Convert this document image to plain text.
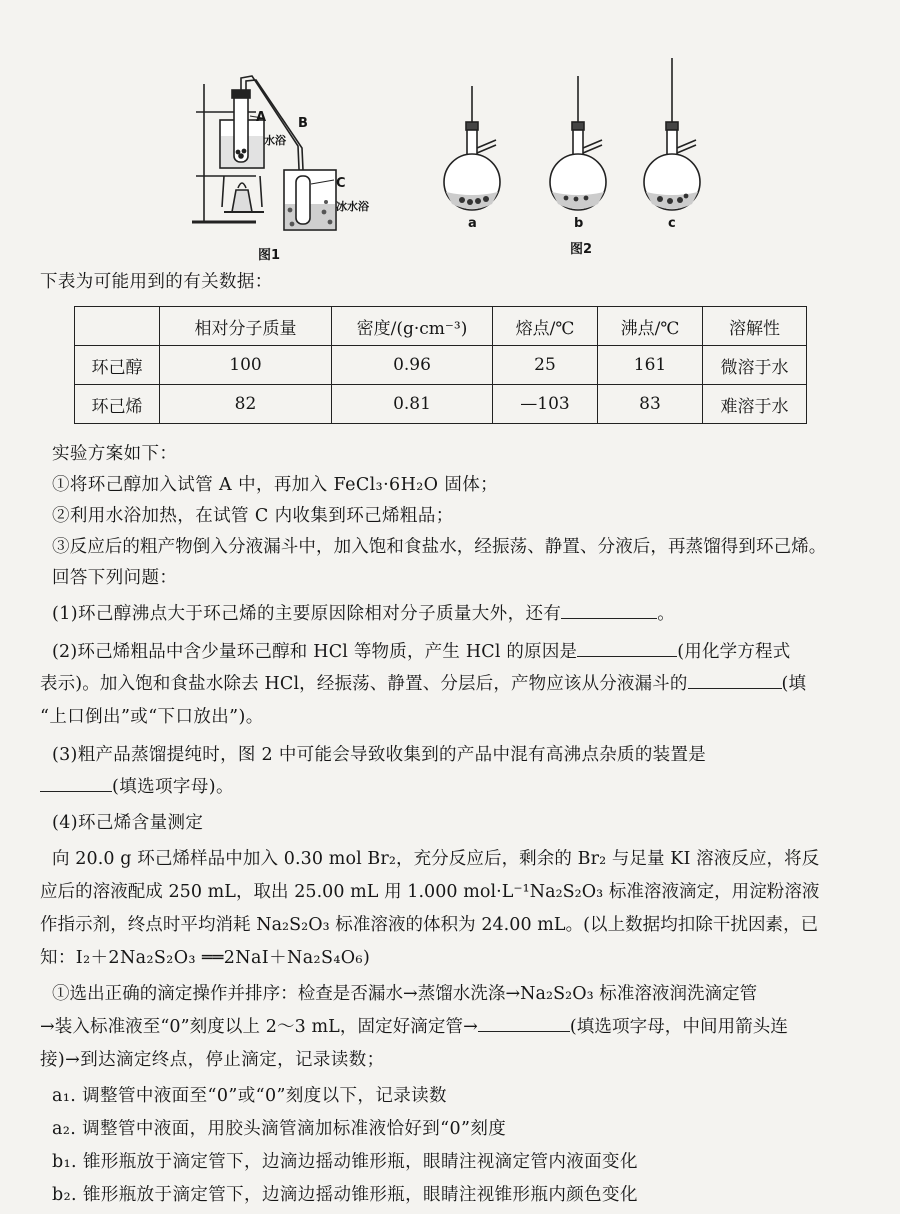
A B
水浴
C
冰水浴
图1
a	b	c
图2
下表为可能用到的有关数据：
	相对分子质量	密度/(g·cm⁻³)	熔点/℃	沸点/℃	溶解性
环己醇	100	0.96	25	161	微溶于水
环己烯	82	0.81	—103	83	难溶于水
实验方案如下：
①将环己醇加入试管 A 中，再加入 FeCl₃·6H₂O 固体；
②利用水浴加热，在试管 C 内收集到环己烯粗品；
③反应后的粗产物倒入分液漏斗中，加入饱和食盐水，经振荡、静置、分液后，再蒸馏得到环己烯。
回答下列问题：
(1)环己醇沸点大于环己烯的主要原因除相对分子质量大外，还有	。
(2)环己烯粗品中含少量环己醇和 HCl 等物质，产生 HCl 的原因是	(用化学方程式
表示)。加入饱和食盐水除去 HCl，经振荡、静置、分层后，产物应该从分液漏斗的	(填
“上口倒出”或“下口放出”)。
(3)粗产品蒸馏提纯时，图 2 中可能会导致收集到的产品中混有高沸点杂质的装置是
(填选项字母)。
(4)环己烯含量测定
向 20.0 g 环己烯样品中加入 0.30 mol Br₂，充分反应后，剩余的 Br₂ 与足量 KI 溶液反应，将反
应后的溶液配成 250 mL，取出 25.00 mL 用 1.000 mol·L⁻¹Na₂S₂O₃ 标准溶液滴定，用淀粉溶液
作指示剂，终点时平均消耗 Na₂S₂O₃ 标准溶液的体积为 24.00 mL。(以上数据均扣除干扰因素，已
知：I₂＋2Na₂S₂O₃ ══2NaI＋Na₂S₄O₆)
①选出正确的滴定操作并排序：检查是否漏水→蒸馏水洗涤→Na₂S₂O₃ 标准溶液润洗滴定管
→装入标准液至“0”刻度以上 2～3 mL，固定好滴定管→	(填选项字母，中间用箭头连
接)→到达滴定终点，停止滴定，记录读数；
a₁. 调整管中液面至“0”或“0”刻度以下，记录读数
a₂. 调整管中液面，用胶头滴管滴加标准液恰好到“0”刻度
b₁. 锥形瓶放于滴定管下，边滴边摇动锥形瓶，眼睛注视滴定管内液面变化
b₂. 锥形瓶放于滴定管下，边滴边摇动锥形瓶，眼睛注视锥形瓶内颜色变化
